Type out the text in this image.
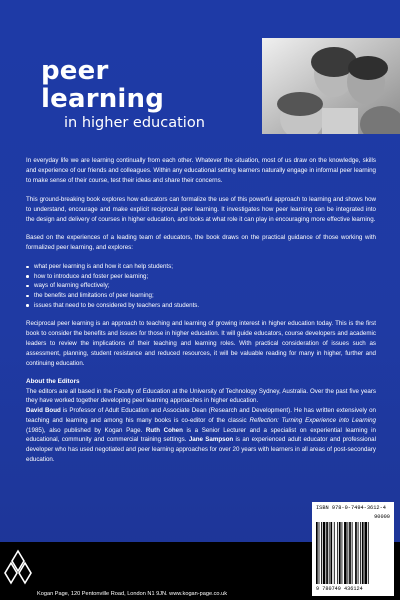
peer
learning
in higher education

In everyday life we are learning continually from each other. Whatever the situation, most of us draw on the knowledge, skills and experience of our friends and colleagues. Within any educational setting learners naturally engage in informal peer learning to make sense of their course, test their ideas and share their concerns.

This ground-breaking book explores how educators can formalize the use of this powerful approach to learning and shows how to understand, encourage and make explicit reciprocal peer learning. It investigates how peer learning can be integrated into the design and delivery of courses in higher education, and looks at what role it can play in encouraging more effective learning.

Based on the experiences of a leading team of educators, the book draws on the practical guidance of those working with formalized peer learning, and explores:

what peer learning is and how it can help students;
how to introduce and foster peer learning;
ways of learning effectively;
the benefits and limitations of peer learning;
issues that need to be considered by teachers and students.

Reciprocal peer learning is an approach to teaching and learning of growing interest in higher education today. This is the first book to consider the benefits and issues for those in higher education. It will guide educators, course developers and academic leaders to review the implications of their teaching and learning roles. With practical consideration of issues such as assessment, planning, student resistance and reduced resources, it will be valuable reading for many in higher, further and continuing education.

About the Editors

The editors are all based in the Faculty of Education at the University of Technology Sydney, Australia. Over the past five years they have worked together developing peer learning approaches in higher education.
David Boud is Professor of Adult Education and Associate Dean (Research and Development). He has written extensively on teaching and learning and among his many books is co-editor of the classic Reflection: Turning Experience into Learning (1985), also published by Kogan Page. Ruth Cohen is a Senior Lecturer and a specialist on experiential learning in educational, community and commercial training settings. Jane Sampson is an experienced adult educator and professional developer who has used negotiated and peer learning approaches for over 20 years with learners in all areas of post-secondary education.

Kogan Page, 120 Pentonville Road, London N1 9JN. www.kogan-page.co.uk
ISBN 978-0-7494-3612-4
90000
9 780749 436124
